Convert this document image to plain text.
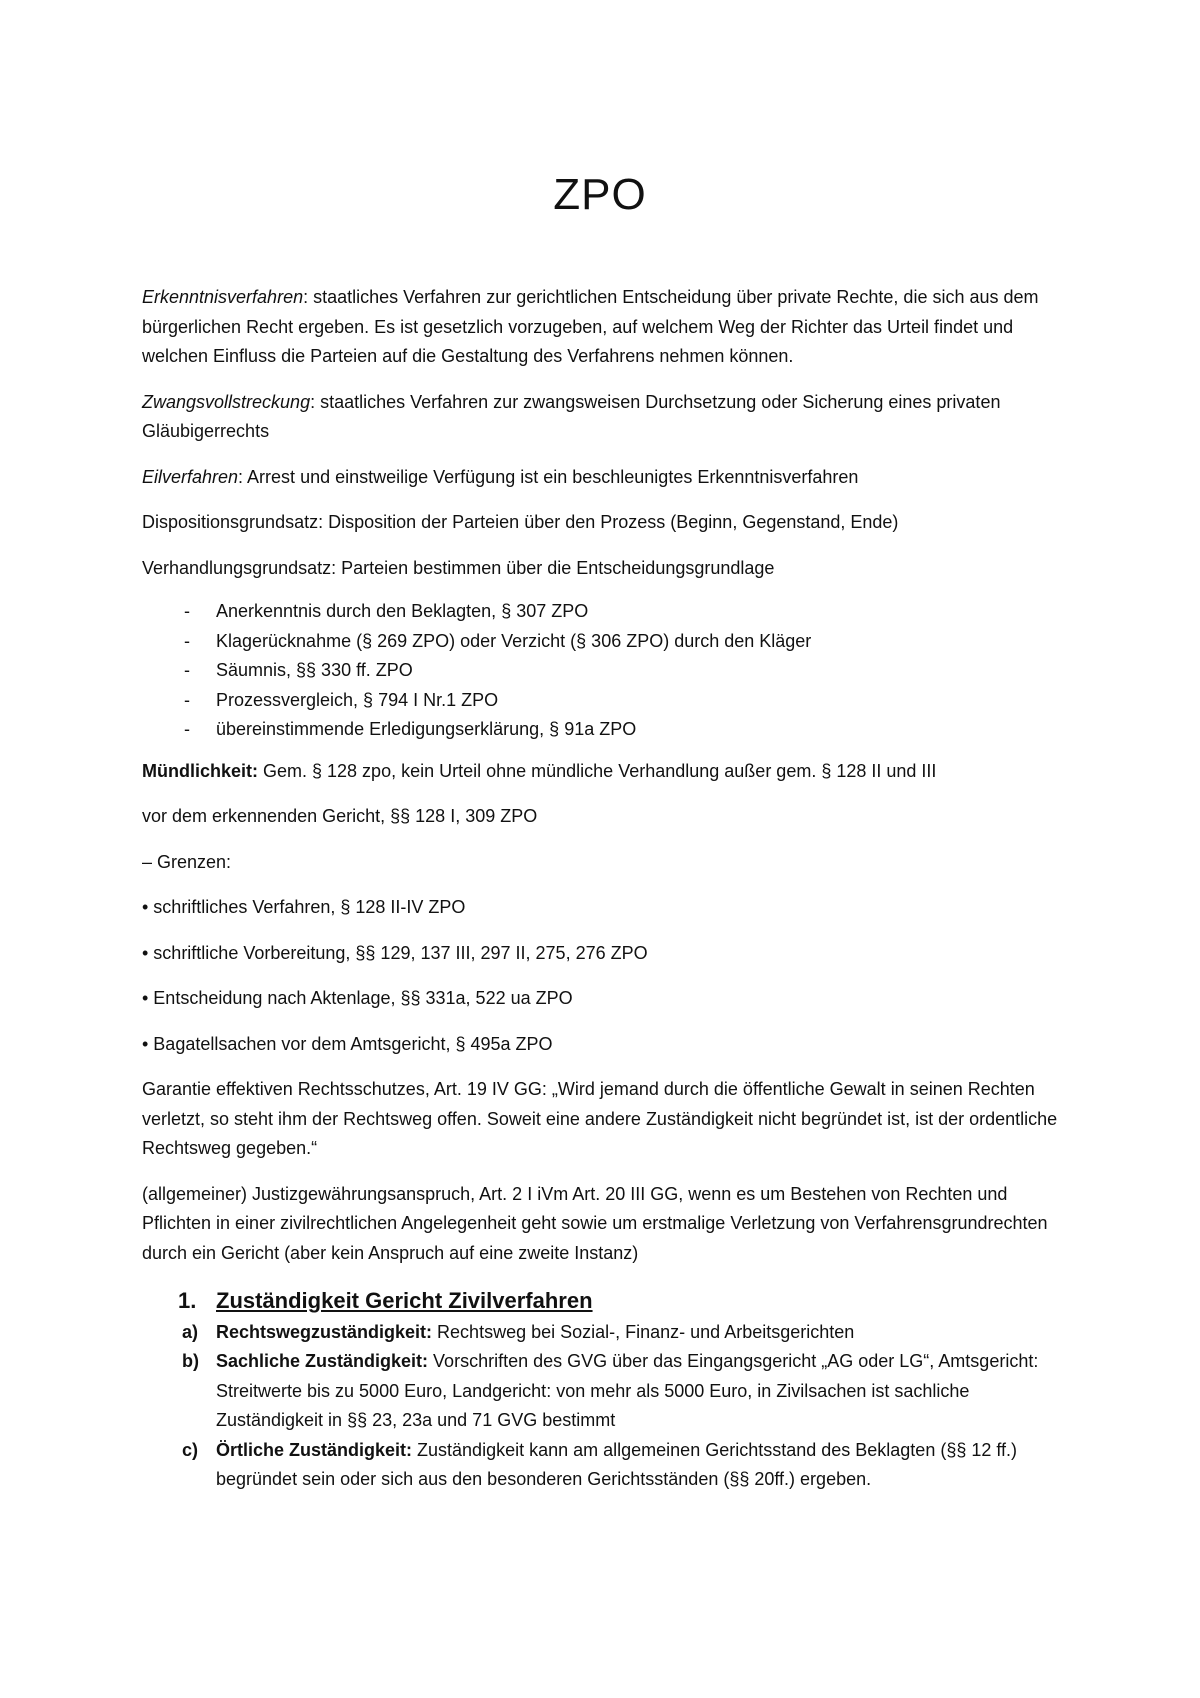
ZPO

Erkenntnisverfahren: staatliches Verfahren zur gerichtlichen Entscheidung über private Rechte, die sich aus dem bürgerlichen Recht ergeben. Es ist gesetzlich vorzugeben, auf welchem Weg der Richter das Urteil findet und welchen Einfluss die Parteien auf die Gestaltung des Verfahrens nehmen können.

Zwangsvollstreckung: staatliches Verfahren zur zwangsweisen Durchsetzung oder Sicherung eines privaten Gläubigerrechts

Eilverfahren: Arrest und einstweilige Verfügung ist ein beschleunigtes Erkenntnisverfahren

Dispositionsgrundsatz: Disposition der Parteien über den Prozess (Beginn, Gegenstand, Ende)

Verhandlungsgrundsatz: Parteien bestimmen über die Entscheidungsgrundlage

- Anerkenntnis durch den Beklagten, § 307 ZPO
- Klagerücknahme (§ 269 ZPO) oder Verzicht (§ 306 ZPO) durch den Kläger
- Säumnis, §§ 330 ff. ZPO
- Prozessvergleich, § 794 I Nr.1 ZPO
- übereinstimmende Erledigungserklärung, § 91a ZPO

Mündlichkeit: Gem. § 128 zpo, kein Urteil ohne mündliche Verhandlung außer gem. § 128 II und III

vor dem erkennenden Gericht, §§ 128 I, 309 ZPO

– Grenzen:

• schriftliches Verfahren, § 128 II-IV ZPO

• schriftliche Vorbereitung, §§ 129, 137 III, 297 II, 275, 276 ZPO

• Entscheidung nach Aktenlage, §§ 331a, 522 ua ZPO

• Bagatellsachen vor dem Amtsgericht, § 495a ZPO

Garantie effektiven Rechtsschutzes, Art. 19 IV GG: „Wird jemand durch die öffentliche Gewalt in seinen Rechten verletzt, so steht ihm der Rechtsweg offen. Soweit eine andere Zuständigkeit nicht begründet ist, ist der ordentliche Rechtsweg gegeben.“

(allgemeiner) Justizgewährungsanspruch, Art. 2 I iVm Art. 20 III GG, wenn es um Bestehen von Rechten und Pflichten in einer zivilrechtlichen Angelegenheit geht sowie um erstmalige Verletzung von Verfahrensgrundrechten durch ein Gericht (aber kein Anspruch auf eine zweite Instanz)

1. Zuständigkeit Gericht Zivilverfahren
a) Rechtswegzuständigkeit: Rechtsweg bei Sozial-, Finanz- und Arbeitsgerichten
b) Sachliche Zuständigkeit: Vorschriften des GVG über das Eingangsgericht „AG oder LG“, Amtsgericht: Streitwerte bis zu 5000 Euro, Landgericht: von mehr als 5000 Euro, in Zivilsachen ist sachliche Zuständigkeit in §§ 23, 23a und 71 GVG bestimmt
c) Örtliche Zuständigkeit: Zuständigkeit kann am allgemeinen Gerichtsstand des Beklagten (§§ 12 ff.) begründet sein oder sich aus den besonderen Gerichtsständen (§§ 20ff.) ergeben.
